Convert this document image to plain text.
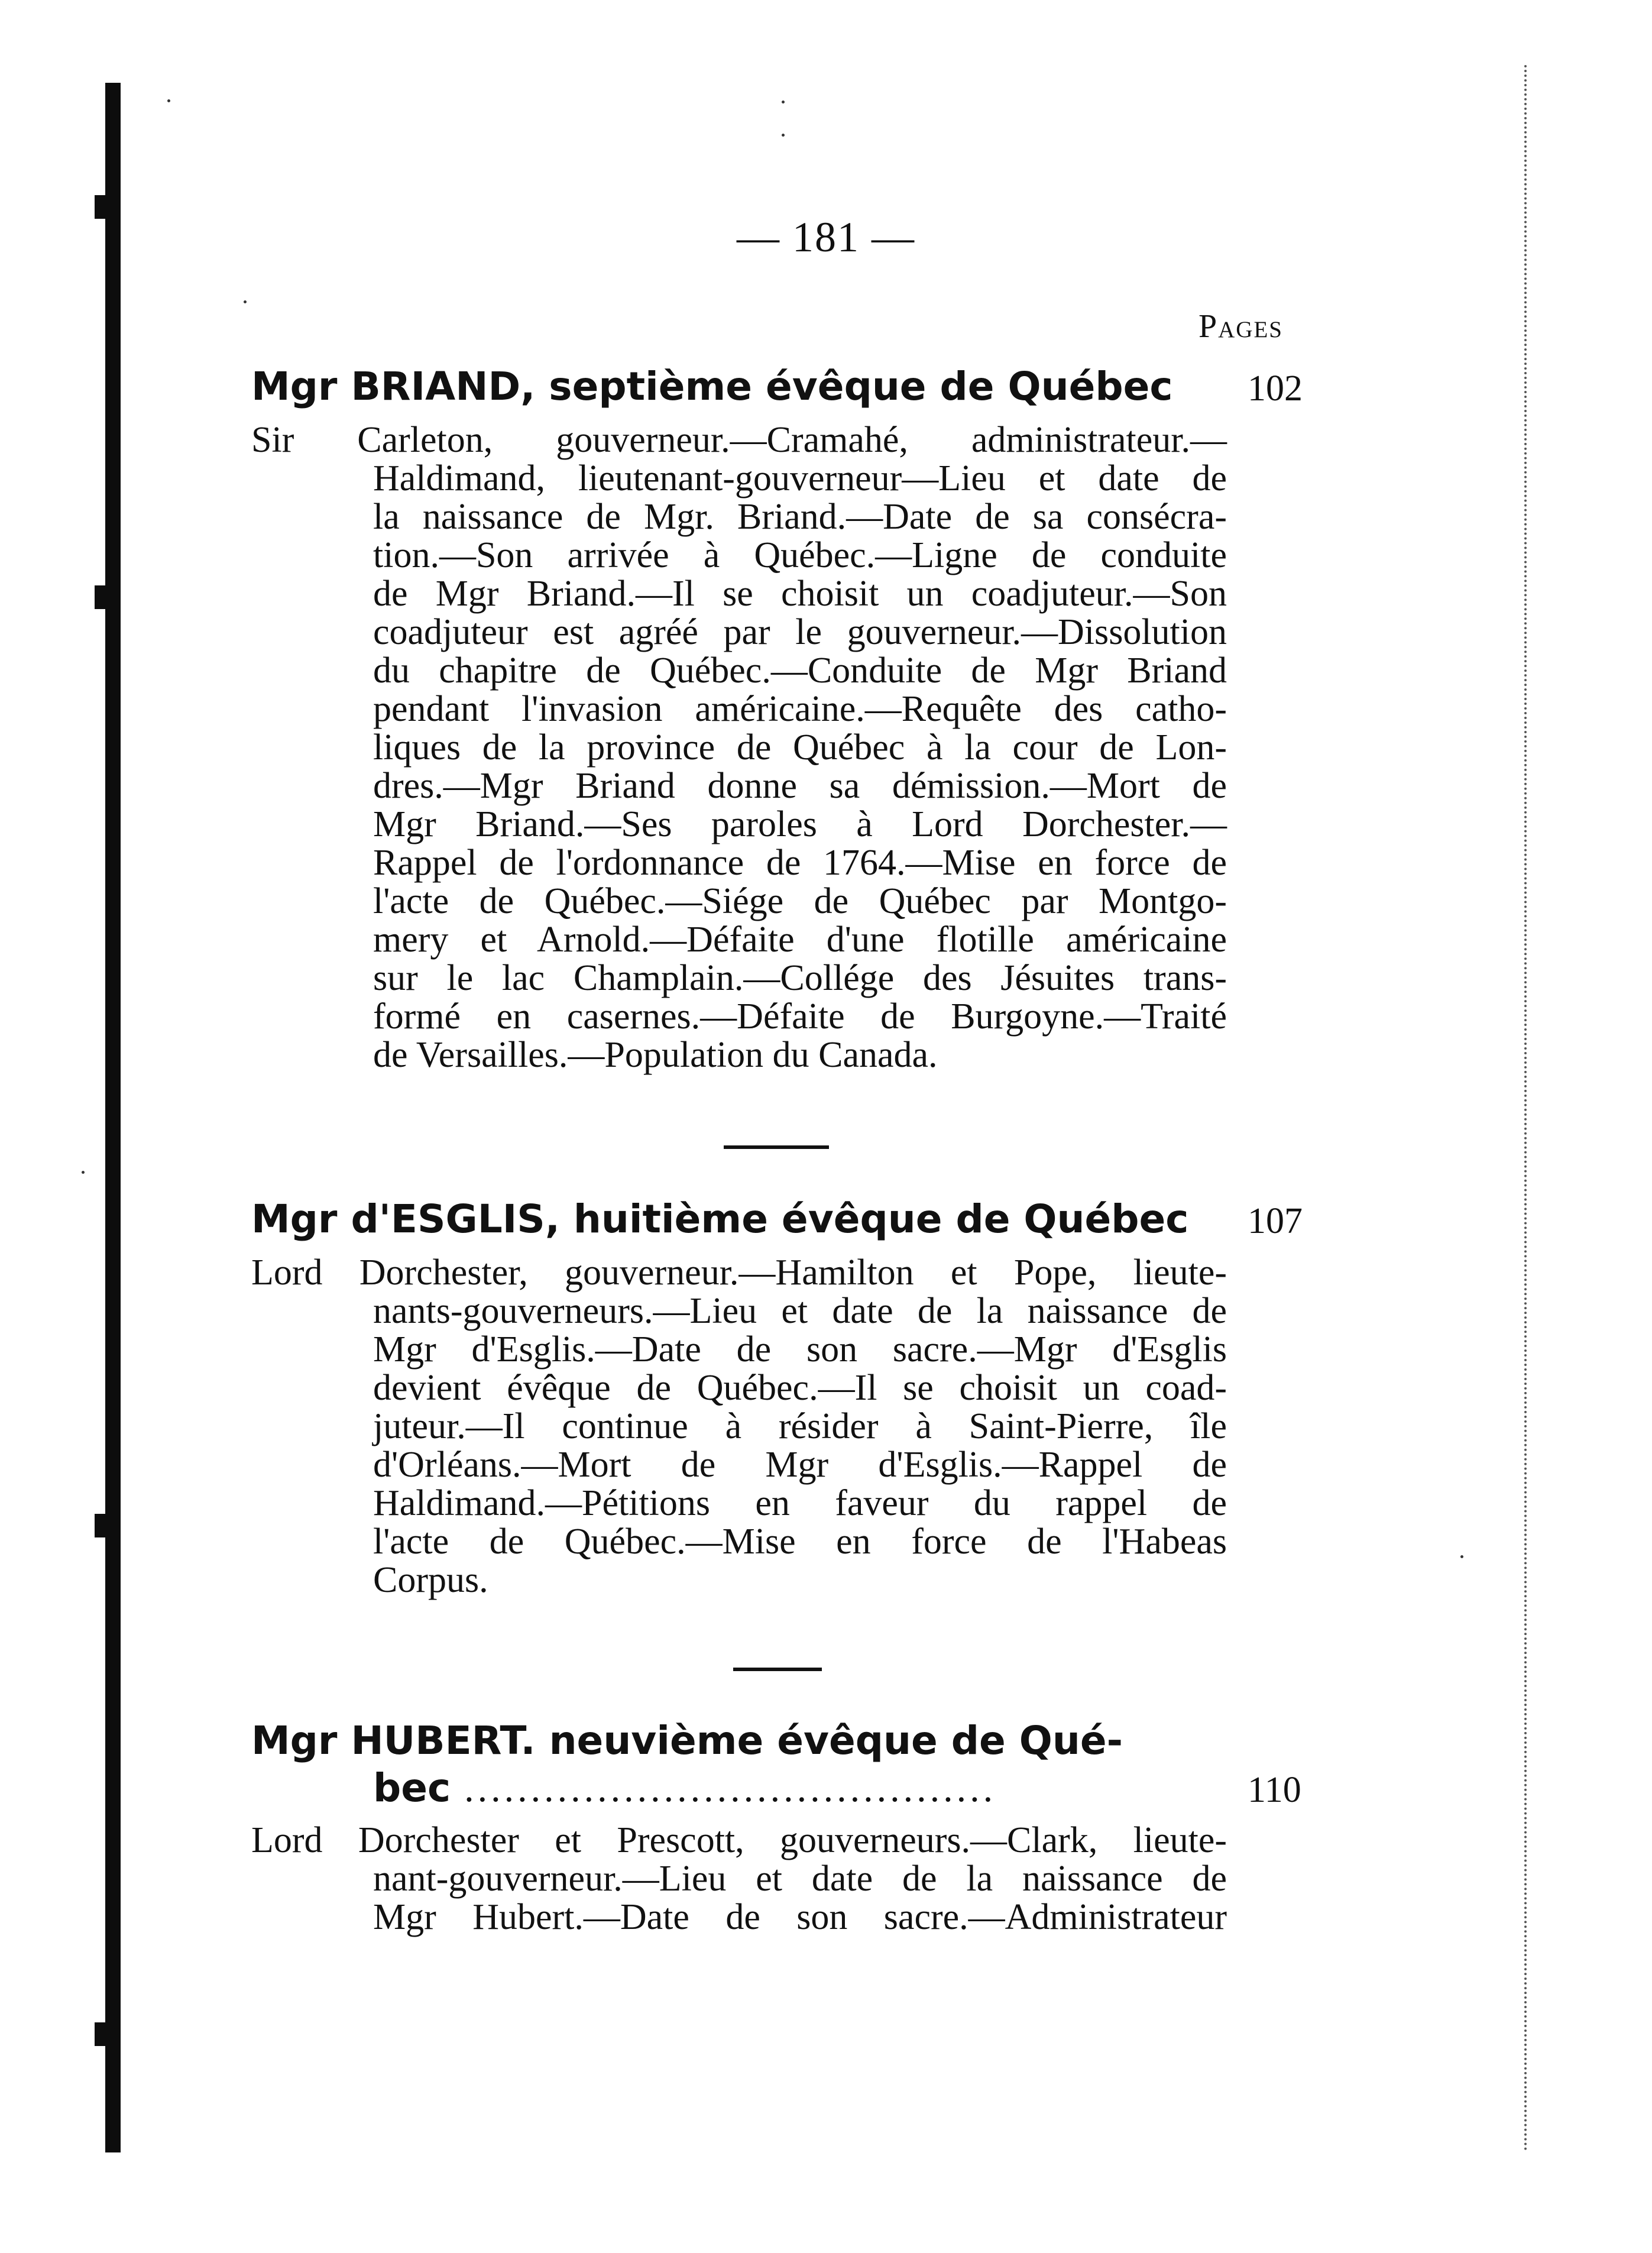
— 181 —
Pages
Mgr BRIAND, septième évêque de Québec	102
Sir Carleton, gouverneur.—Cramahé, administrateur.—
Haldimand, lieutenant-gouverneur—Lieu et date de
la naissance de Mgr. Briand.—Date de sa consécra-
tion.—Son arrivée à Québec.—Ligne de conduite
de Mgr Briand.—Il se choisit un coadjuteur.—Son
coadjuteur est agréé par le gouverneur.—Dissolution
du chapitre de Québec.—Conduite de Mgr Briand
pendant l'invasion américaine.—Requête des catho-
liques de la province de Québec à la cour de Lon-
dres.—Mgr Briand donne sa démission.—Mort de
Mgr Briand.—Ses paroles à Lord Dorchester.—
Rappel de l'ordonnance de 1764.—Mise en force de
l'acte de Québec.—Siége de Québec par Montgo-
mery et Arnold.—Défaite d'une flotille américaine
sur le lac Champlain.—Collége des Jésuites trans-
formé en casernes.—Défaite de Burgoyne.—Traité
de Versailles.—Population du Canada.
Mgr d'ESGLIS, huitième évêque de Québec	107
Lord Dorchester, gouverneur.—Hamilton et Pope, lieute-
nants-gouverneurs.—Lieu et date de la naissance de
Mgr d'Esglis.—Date de son sacre.—Mgr d'Esglis
devient évêque de Québec.—Il se choisit un coad-
juteur.—Il continue à résider à Saint-Pierre, île
d'Orléans.—Mort de Mgr d'Esglis.—Rappel de
Haldimand.—Pétitions en faveur du rappel de
l'acte de Québec.—Mise en force de l'Habeas
Corpus.
Mgr HUBERT. neuvième évêque de Qué-
bec ........................................	110
Lord Dorchester et Prescott, gouverneurs.—Clark, lieute-
nant-gouverneur.—Lieu et date de la naissance de
Mgr Hubert.—Date de son sacre.—Administrateur
